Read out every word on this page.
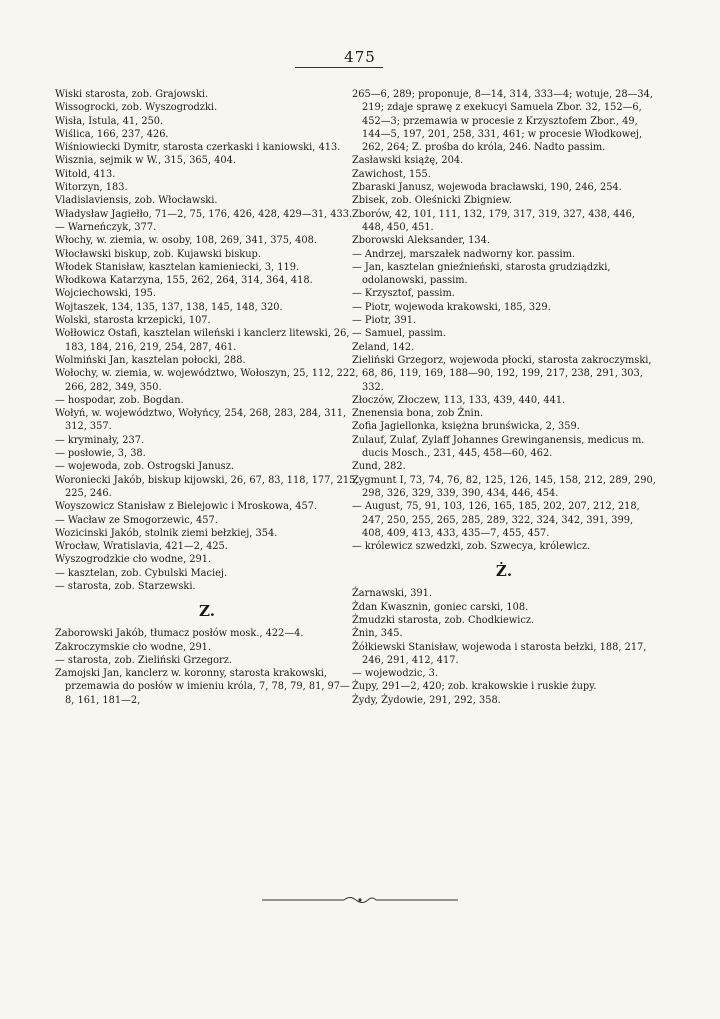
475

Wiski starosta, zob. Grajowski.

Wissogrocki, zob. Wyszogrodzki.

Wisła, Istula, 41, 250.

Wiślica, 166, 237, 426.

Wiśniowiecki Dymitr, starosta czerkaski i kaniowski, 413.

Wisznia, sejmik w W., 315, 365, 404.

Witold, 413.

Witorzyn, 183.

Vladislaviensis, zob. Włocławski.

Władysław Jagiełło, 71—2, 75, 176, 426, 428, 429—31, 433.

— Warneńczyk, 377.

Włochy, w. ziemia, w. osoby, 108, 269, 341, 375, 408.

Włocławski biskup, zob. Kujawski biskup.

Włodek Stanisław, kasztelan kamieniecki, 3, 119.

Włodkowa Katarzyna, 155, 262, 264, 314, 364, 418.

Wojciechowski, 195.

Wojtaszek, 134, 135, 137, 138, 145, 148, 320.

Wolski, starosta krzepicki, 107.

Wołłowicz Ostafi, kasztelan wileński i kanclerz litewski, 26, 183, 184, 216, 219, 254, 287, 461.

Wolmiński Jan, kasztelan połocki, 288.

Wołochy, w. ziemia, w. województwo, Wołoszyn, 25, 112, 222, 266, 282, 349, 350.

— hospodar, zob. Bogdan.

Wołyń, w. województwo, Wołyńcy, 254, 268, 283, 284, 311, 312, 357.

— kryminały, 237.

— posłowie, 3, 38.

— wojewoda, zob. Ostrogski Janusz.

Woroniecki Jakób, biskup kijowski, 26, 67, 83, 118, 177, 215, 225, 246.

Woyszowicz Stanisław z Bielejowic i Mroskowa, 457.

— Wacław ze Smogorzewic, 457.

Wozicinski Jakób, stolnik ziemi bełzkiej, 354.

Wrocław, Wratislavia, 421—2, 425.

Wyszogrodzkie cło wodne, 291.

— kasztelan, zob. Cybulski Maciej.

— starosta, zob. Starzewski.

Z.

Zaborowski Jakób, tłumacz posłów mosk., 422—4.

Zakroczymskie cło wodne, 291.

— starosta, zob. Zieliński Grzegorz.

Zamojski Jan, kanclerz w. koronny, starosta krakowski, przemawia do posłów w imieniu króla, 7, 78, 79, 81, 97—8, 161, 181—2,

265—6, 289; proponuje, 8—14, 314, 333—4; wotuje, 28—34, 219; zdaje sprawę z exekucyi Samuela Zbor. 32, 152—6, 452—3; przemawia w procesie z Krzysztofem Zbor., 49, 144—5, 197, 201, 258, 331, 461; w procesie Włodkowej, 262, 264; Z. prośba do króla, 246. Nadto passim.

Zasławski książę, 204.

Zawichost, 155.

Zbaraski Janusz, wojewoda bracławski, 190, 246, 254.

Zbisek, zob. Oleśnicki Zbigniew.

Zborów, 42, 101, 111, 132, 179, 317, 319, 327, 438, 446, 448, 450, 451.

Zborowski Aleksander, 134.

— Andrzej, marszałek nadworny kor. passim.

— Jan, kasztelan gnieźnieński, starosta grudziądzki, odolanowski, passim.

— Krzysztof, passim.

— Piotr, wojewoda krakowski, 185, 329.

— Piotr, 391.

— Samuel, passim.

Zeland, 142.

Zieliński Grzegorz, wojewoda płocki, starosta zakroczymski, 68, 86, 119, 169, 188—90, 192, 199, 217, 238, 291, 303, 332.

Złoczów, Złoczew, 113, 133, 439, 440, 441.

Znenensia bona, zob Żnin.

Zofia Jagiellonka, księżna brunświcka, 2, 359.

Zulauf, Zulaf, Zylaff Johannes Grewinganensis, medicus m. ducis Mosch., 231, 445, 458—60, 462.

Zund, 282.

Zygmunt I, 73, 74, 76, 82, 125, 126, 145, 158, 212, 289, 290, 298, 326, 329, 339, 390, 434, 446, 454.

— August, 75, 91, 103, 126, 165, 185, 202, 207, 212, 218, 247, 250, 255, 265, 285, 289, 322, 324, 342, 391, 399, 408, 409, 413, 433, 435—7, 455, 457.

— królewicz szwedzki, zob. Szwecya, królewicz.

Ż.

Żarnawski, 391.

Żdan Kwasznin, goniec carski, 108.

Żmudzki starosta, zob. Chodkiewicz.

Żnin, 345.

Żółkiewski Stanisław, wojewoda i starosta bełzki, 188, 217, 246, 291, 412, 417.

— wojewodzic, 3.

Żupy, 291—2, 420; zob. krakowskie i ruskie żupy.

Żydy, Żydowie, 291, 292, 358.
